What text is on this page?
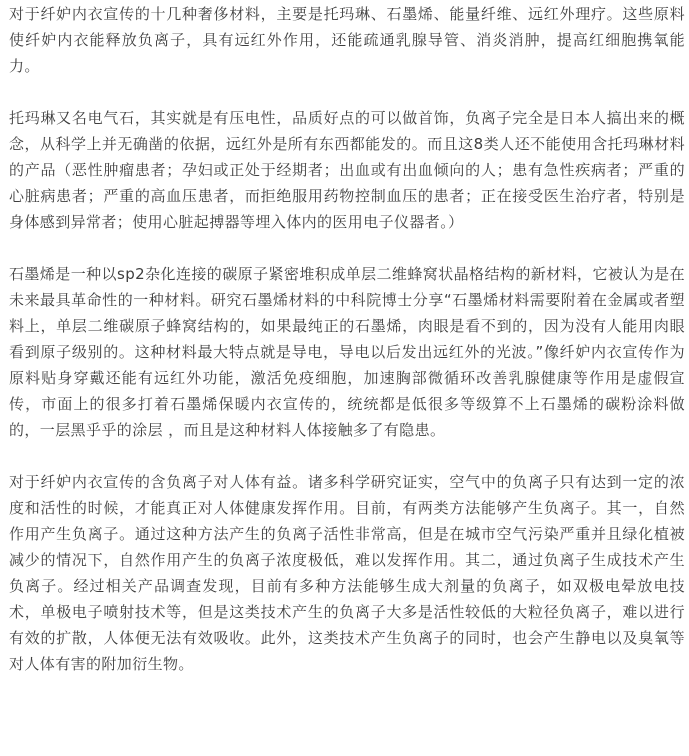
对于纤妒内衣宣传的十几种奢侈材料，主要是托玛琳、石墨烯、能量纤维、远红外理疗。这些原料使纤妒内衣能释放负离子，具有远红外作用，还能疏通乳腺导管、消炎消肿，提高红细胞携氧能力。

托玛琳又名电气石，其实就是有压电性，品质好点的可以做首饰，负离子完全是日本人搞出来的概念，从科学上并无确凿的依据，远红外是所有东西都能发的。而且这8类人还不能使用含托玛琳材料的产品（恶性肿瘤患者；孕妇或正处于经期者；出血或有出血倾向的人；患有急性疾病者；严重的心脏病患者；严重的高血压患者，而拒绝服用药物控制血压的患者；正在接受医生治疗者，特别是身体感到异常者；使用心脏起搏器等埋入体内的医用电子仪器者。）

石墨烯是一种以sp2杂化连接的碳原子紧密堆积成单层二维蜂窝状晶格结构的新材料，它被认为是在未来最具革命性的一种材料。研究石墨烯材料的中科院博士分享“石墨烯材料需要附着在金属或者塑料上，单层二维碳原子蜂窝结构的，如果最纯正的石墨烯，肉眼是看不到的，因为没有人能用肉眼看到原子级别的。这种材料最大特点就是导电，导电以后发出远红外的光波。”像纤妒内衣宣传作为原料贴身穿戴还能有远红外功能，激活免疫细胞，加速胸部微循环改善乳腺健康等作用是虚假宣传，市面上的很多打着石墨烯保暖内衣宣传的，统统都是低很多等级算不上石墨烯的碳粉涂料做的，一层黑乎乎的涂层 ，而且是这种材料人体接触多了有隐患。

对于纤妒内衣宣传的含负离子对人体有益。诸多科学研究证实，空气中的负离子只有达到一定的浓度和活性的时候，才能真正对人体健康发挥作用。目前，有两类方法能够产生负离子。其一，自然作用产生负离子。通过这种方法产生的负离子活性非常高，但是在城市空气污染严重并且绿化植被减少的情况下，自然作用产生的负离子浓度极低，难以发挥作用。其二，通过负离子生成技术产生负离子。经过相关产品调查发现，目前有多种方法能够生成大剂量的负离子，如双极电晕放电技术，单极电子喷射技术等，但是这类技术产生的负离子大多是活性较低的大粒径负离子，难以进行有效的扩散，人体便无法有效吸收。此外，这类技术产生负离子的同时，也会产生静电以及臭氧等对人体有害的附加衍生物。
